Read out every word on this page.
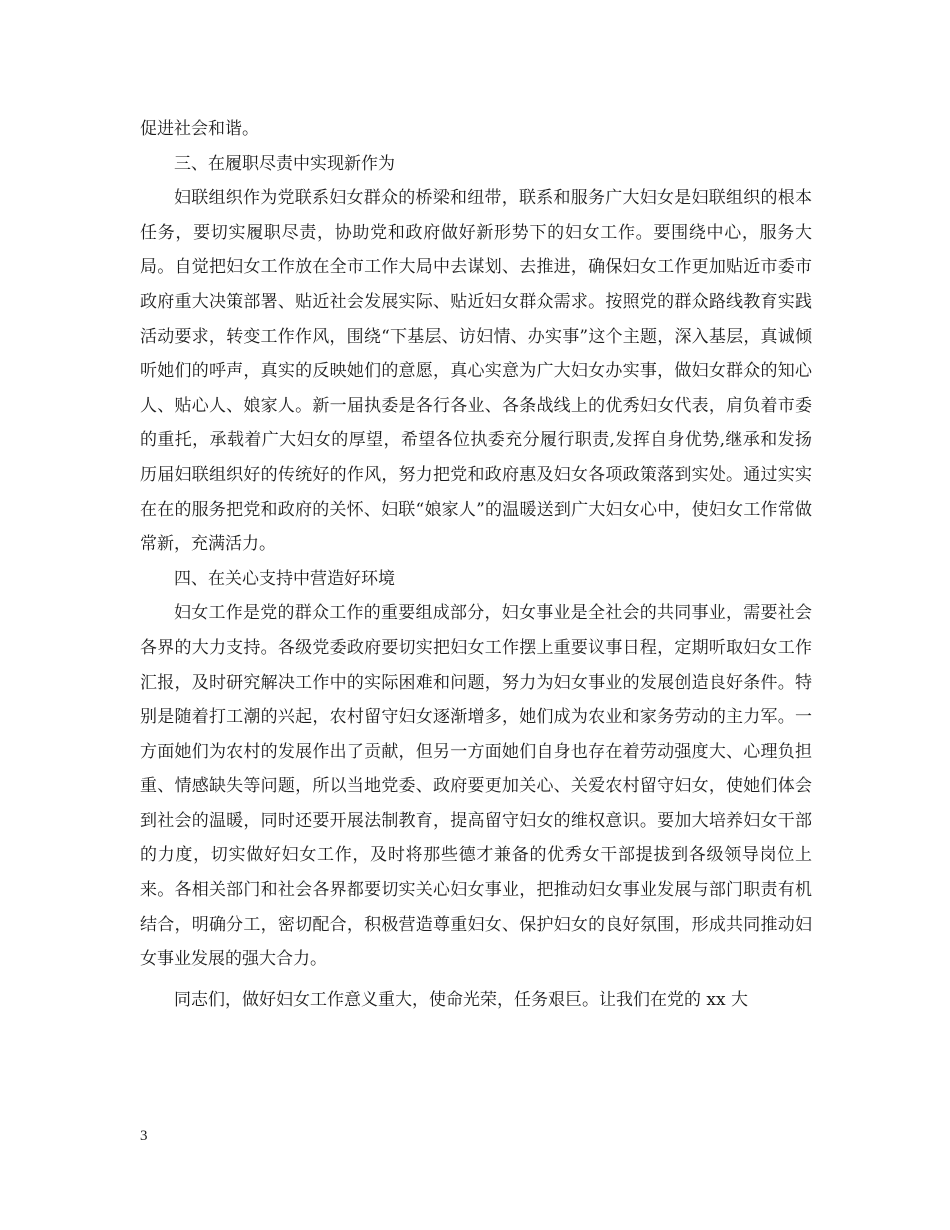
促进社会和谐。

三、在履职尽责中实现新作为

妇联组织作为党联系妇女群众的桥梁和纽带，联系和服务广大妇女是妇联组织的根本任务，要切实履职尽责，协助党和政府做好新形势下的妇女工作。要围绕中心，服务大局。自觉把妇女工作放在全市工作大局中去谋划、去推进，确保妇女工作更加贴近市委市政府重大决策部署、贴近社会发展实际、贴近妇女群众需求。按照党的群众路线教育实践活动要求，转变工作作风，围绕“下基层、访妇情、办实事”这个主题，深入基层，真诚倾听她们的呼声，真实的反映她们的意愿，真心实意为广大妇女办实事，做妇女群众的知心人、贴心人、娘家人。新一届执委是各行各业、各条战线上的优秀妇女代表，肩负着市委的重托，承载着广大妇女的厚望，希望各位执委充分履行职责,发挥自身优势,继承和发扬历届妇联组织好的传统好的作风，努力把党和政府惠及妇女各项政策落到实处。通过实实在在的服务把党和政府的关怀、妇联“娘家人”的温暖送到广大妇女心中，使妇女工作常做常新，充满活力。

四、在关心支持中营造好环境

妇女工作是党的群众工作的重要组成部分，妇女事业是全社会的共同事业，需要社会各界的大力支持。各级党委政府要切实把妇女工作摆上重要议事日程，定期听取妇女工作汇报，及时研究解决工作中的实际困难和问题，努力为妇女事业的发展创造良好条件。特别是随着打工潮的兴起，农村留守妇女逐渐增多，她们成为农业和家务劳动的主力军。一方面她们为农村的发展作出了贡献，但另一方面她们自身也存在着劳动强度大、心理负担重、情感缺失等问题，所以当地党委、政府要更加关心、关爱农村留守妇女，使她们体会到社会的温暖，同时还要开展法制教育，提高留守妇女的维权意识。要加大培养妇女干部的力度，切实做好妇女工作，及时将那些德才兼备的优秀女干部提拔到各级领导岗位上来。各相关部门和社会各界都要切实关心妇女事业，把推动妇女事业发展与部门职责有机结合，明确分工，密切配合，积极营造尊重妇女、保护妇女的良好氛围，形成共同推动妇女事业发展的强大合力。

同志们，做好妇女工作意义重大，使命光荣，任务艰巨。让我们在党的 xx 大

3
